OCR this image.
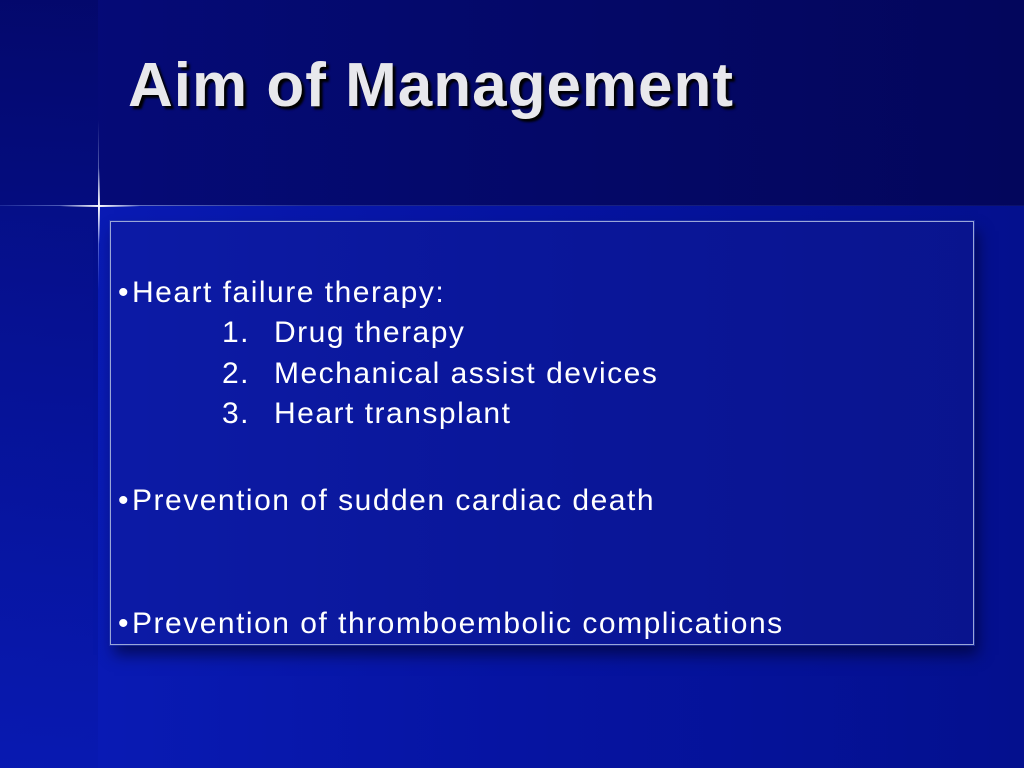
Aim of Management

•Heart failure therapy:

1. Drug therapy

2. Mechanical assist devices

3. Heart transplant

•Prevention of sudden cardiac death

•Prevention of thromboembolic complications
